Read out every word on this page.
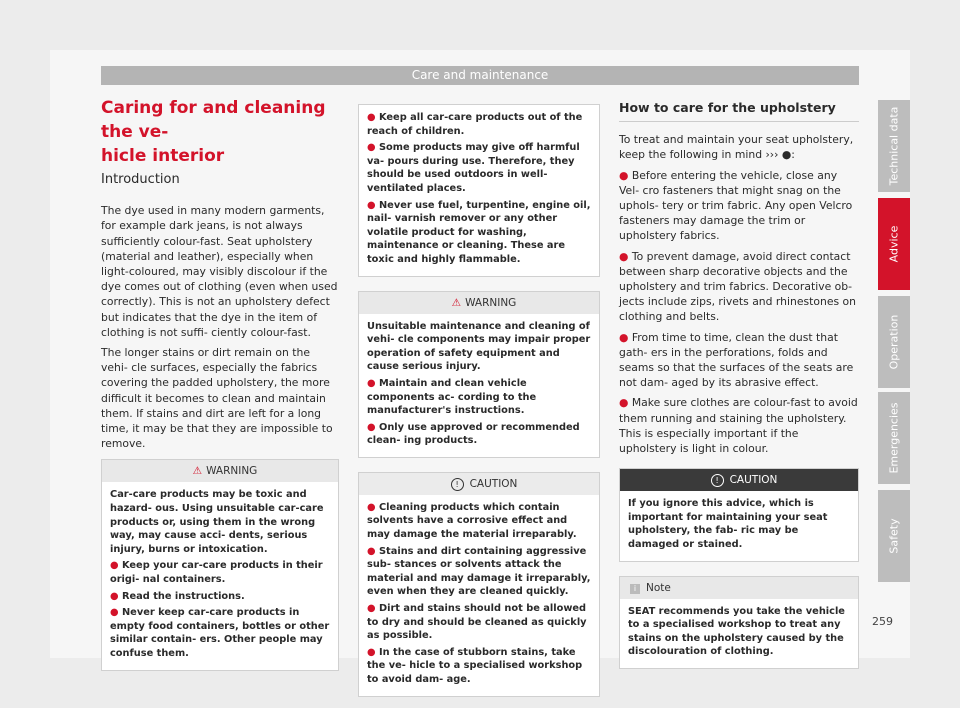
Care and maintenance
Caring for and cleaning the ve-
hicle interior
Introduction

The dye used in many modern garments, for example dark jeans, is not always sufficiently colour-fast. Seat upholstery (material and leather), especially when light-coloured, may visibly discolour if the dye comes out of clothing (even when used correctly). This is not an upholstery defect but indicates that the dye in the item of clothing is not suffi- ciently colour-fast.

The longer stains or dirt remain on the vehi- cle surfaces, especially the fabrics covering the padded upholstery, the more difficult it becomes to clean and maintain them. If stains and dirt are left for a long time, it may be that they are impossible to remove.

⚠ WARNING

Car-care products may be toxic and hazard- ous. Using unsuitable car-care products or, using them in the wrong way, may cause acci- dents, serious injury, burns or intoxication.

● Keep your car-care products in their origi- nal containers.

● Read the instructions.

● Never keep car-care products in empty food containers, bottles or other similar contain- ers. Other people may confuse them.

● Keep all car-care products out of the reach of children.

● Some products may give off harmful va- pours during use. Therefore, they should be used outdoors in well-ventilated places.

● Never use fuel, turpentine, engine oil, nail- varnish remover or any other volatile product for washing, maintenance or cleaning. These are toxic and highly flammable.

⚠ WARNING

Unsuitable maintenance and cleaning of vehi- cle components may impair proper operation of safety equipment and cause serious injury.

● Maintain and clean vehicle components ac- cording to the manufacturer's instructions.

● Only use approved or recommended clean- ing products.

! CAUTION

● Cleaning products which contain solvents have a corrosive effect and may damage the material irreparably.

● Stains and dirt containing aggressive sub- stances or solvents attack the material and may damage it irreparably, even when they are cleaned quickly.

● Dirt and stains should not be allowed to dry and should be cleaned as quickly as possible.

● In the case of stubborn stains, take the ve- hicle to a specialised workshop to avoid dam- age.

How to care for the upholstery

To treat and maintain your seat upholstery, keep the following in mind ››› ●:

● Before entering the vehicle, close any Vel- cro fasteners that might snag on the uphols- tery or trim fabric. Any open Velcro fasteners may damage the trim or upholstery fabrics.

● To prevent damage, avoid direct contact between sharp decorative objects and the upholstery and trim fabrics. Decorative ob- jects include zips, rivets and rhinestones on clothing and belts.

● From time to time, clean the dust that gath- ers in the perforations, folds and seams so that the surfaces of the seats are not dam- aged by its abrasive effect.

● Make sure clothes are colour-fast to avoid them running and staining the upholstery. This is especially important if the upholstery is light in colour.

! CAUTION

If you ignore this advice, which is important for maintaining your seat upholstery, the fab- ric may be damaged or stained.

i Note

SEAT recommends you take the vehicle to a specialised workshop to treat any stains on the upholstery caused by the discolouration of clothing.

Technical data
Advice
Operation
Emergencies
Safety
259
